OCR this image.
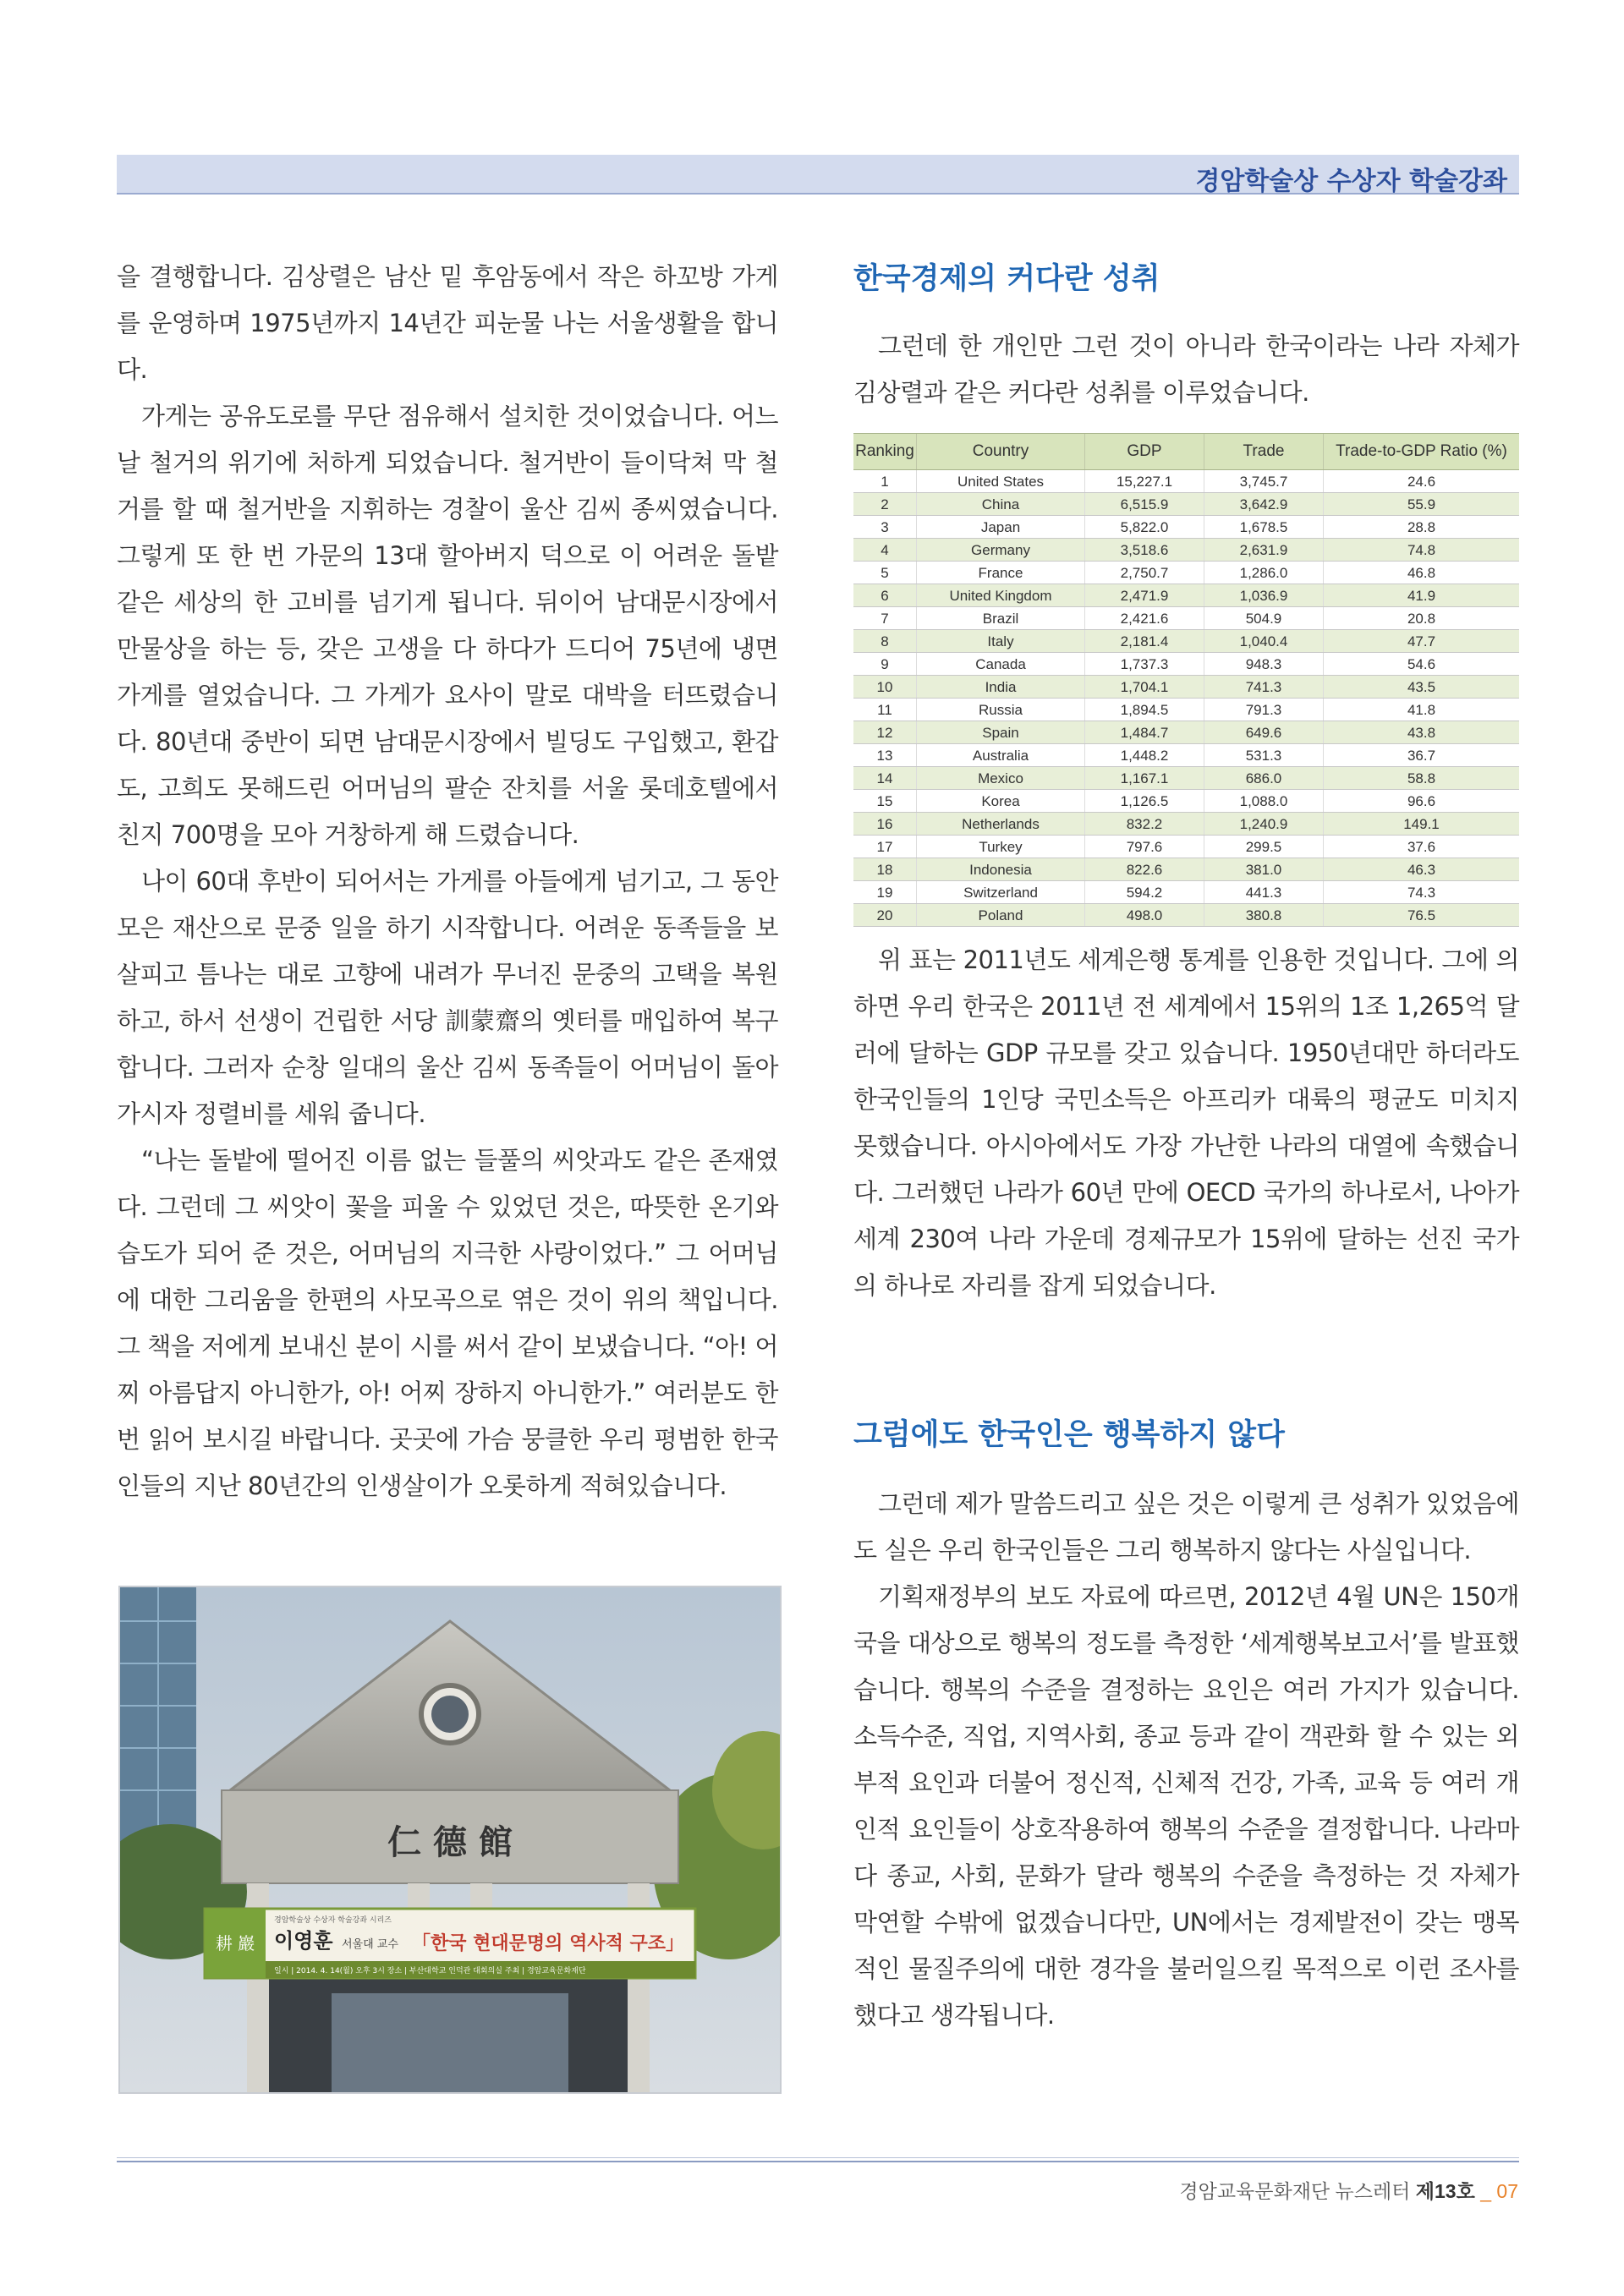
경암학술상 수상자 학술강좌

을 결행합니다. 김상렬은 남산 밑 후암동에서 작은 하꼬방 가게를 운영하며 1975년까지 14년간 피눈물 나는 서울생활을 합니다.

가게는 공유도로를 무단 점유해서 설치한 것이었습니다. 어느 날 철거의 위기에 처하게 되었습니다. 철거반이 들이닥쳐 막 철거를 할 때 철거반을 지휘하는 경찰이 울산 김씨 종씨였습니다. 그렇게 또 한 번 가문의 13대 할아버지 덕으로 이 어려운 돌밭 같은 세상의 한 고비를 넘기게 됩니다. 뒤이어 남대문시장에서 만물상을 하는 등, 갖은 고생을 다 하다가 드디어 75년에 냉면가게를 열었습니다. 그 가게가 요사이 말로 대박을 터뜨렸습니다. 80년대 중반이 되면 남대문시장에서 빌딩도 구입했고, 환갑도, 고희도 못해드린 어머님의 팔순 잔치를 서울 롯데호텔에서 친지 700명을 모아 거창하게 해 드렸습니다.

나이 60대 후반이 되어서는 가게를 아들에게 넘기고, 그 동안 모은 재산으로 문중 일을 하기 시작합니다. 어려운 동족들을 보살피고 틈나는 대로 고향에 내려가 무너진 문중의 고택을 복원하고, 하서 선생이 건립한 서당 訓蒙齋의 옛터를 매입하여 복구합니다. 그러자 순창 일대의 울산 김씨 동족들이 어머님이 돌아가시자 정렬비를 세워 줍니다.

“나는 돌밭에 떨어진 이름 없는 들풀의 씨앗과도 같은 존재였다. 그런데 그 씨앗이 꽃을 피울 수 있었던 것은, 따뜻한 온기와 습도가 되어 준 것은, 어머님의 지극한 사랑이었다.” 그 어머님에 대한 그리움을 한편의 사모곡으로 엮은 것이 위의 책입니다. 그 책을 저에게 보내신 분이 시를 써서 같이 보냈습니다. “아! 어찌 아름답지 아니한가, 아! 어찌 장하지 아니한가.” 여러분도 한번 읽어 보시길 바랍니다. 곳곳에 가슴 뭉클한 우리 평범한 한국인들의 지난 80년간의 인생살이가 오롯하게 적혀있습니다.

仁 德 館
耕 巖
경암학술상 수상자 학술강좌 시리즈
이영훈 서울대 교수 「한국 현대문명의 역사적 구조」
일시 | 2014. 4. 14(월) 오후 3시 장소 | 부산대학교 인덕관 대회의실 주최 | 경암교육문화재단
한국경제의 커다란 성취

그런데 한 개인만 그런 것이 아니라 한국이라는 나라 자체가 김상렬과 같은 커다란 성취를 이루었습니다.

Ranking	Country	GDP	Trade	Trade-to-GDP Ratio (%)
1	United States	15,227.1	3,745.7	24.6
2	China	6,515.9	3,642.9	55.9
3	Japan	5,822.0	1,678.5	28.8
4	Germany	3,518.6	2,631.9	74.8
5	France	2,750.7	1,286.0	46.8
6	United Kingdom	2,471.9	1,036.9	41.9
7	Brazil	2,421.6	504.9	20.8
8	Italy	2,181.4	1,040.4	47.7
9	Canada	1,737.3	948.3	54.6
10	India	1,704.1	741.3	43.5
11	Russia	1,894.5	791.3	41.8
12	Spain	1,484.7	649.6	43.8
13	Australia	1,448.2	531.3	36.7
14	Mexico	1,167.1	686.0	58.8
15	Korea	1,126.5	1,088.0	96.6
16	Netherlands	832.2	1,240.9	149.1
17	Turkey	797.6	299.5	37.6
18	Indonesia	822.6	381.0	46.3
19	Switzerland	594.2	441.3	74.3
20	Poland	498.0	380.8	76.5

위 표는 2011년도 세계은행 통계를 인용한 것입니다. 그에 의하면 우리 한국은 2011년 전 세계에서 15위의 1조 1,265억 달러에 달하는 GDP 규모를 갖고 있습니다. 1950년대만 하더라도 한국인들의 1인당 국민소득은 아프리카 대륙의 평균도 미치지 못했습니다. 아시아에서도 가장 가난한 나라의 대열에 속했습니다. 그러했던 나라가 60년 만에 OECD 국가의 하나로서, 나아가 세계 230여 나라 가운데 경제규모가 15위에 달하는 선진 국가의 하나로 자리를 잡게 되었습니다.

그럼에도 한국인은 행복하지 않다

그런데 제가 말씀드리고 싶은 것은 이렇게 큰 성취가 있었음에도 실은 우리 한국인들은 그리 행복하지 않다는 사실입니다.

기획재정부의 보도 자료에 따르면, 2012년 4월 UN은 150개국을 대상으로 행복의 정도를 측정한 ‘세계행복보고서’를 발표했습니다. 행복의 수준을 결정하는 요인은 여러 가지가 있습니다. 소득수준, 직업, 지역사회, 종교 등과 같이 객관화 할 수 있는 외부적 요인과 더불어 정신적, 신체적 건강, 가족, 교육 등 여러 개인적 요인들이 상호작용하여 행복의 수준을 결정합니다. 나라마다 종교, 사회, 문화가 달라 행복의 수준을 측정하는 것 자체가 막연할 수밖에 없겠습니다만, UN에서는 경제발전이 갖는 맹목적인 물질주의에 대한 경각을 불러일으킬 목적으로 이런 조사를 했다고 생각됩니다.

경암교육문화재단 뉴스레터 제13호 _ 07
